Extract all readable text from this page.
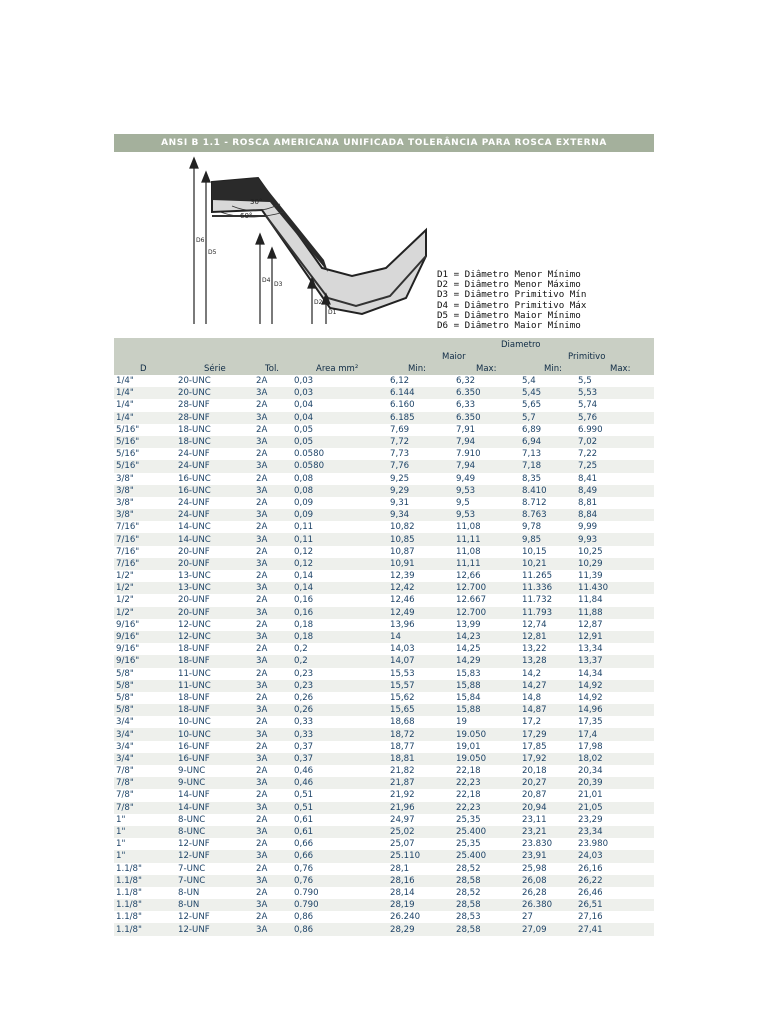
ANSI B 1.1 - ROSCA AMERICANA UNIFICADA TOLERÂNCIA PARA ROSCA EXTERNA
30°
60°
D6
D5
D4
D3
D2
D1
D1 = Diâmetro Menor Mínimo
D2 = Diâmetro Menor Máximo
D3 = Diâmetro Primitivo Mín
D4 = Diâmetro Primitivo Máx
D5 = Diâmetro Maior Mínimo
D6 = Diâmetro Maior Mínimo
Diametro
Maior	Primitivo
D	Série	Tol.	Area mm²	Min:	Max:	Min:	Max:
1/4"	20-UNC	2A	0,03	6,12	6,32	5,4	5,5
1/4"	20-UNC	3A	0,03	6.144	6.350	5,45	5,53
1/4"	28-UNF	2A	0,04	6.160	6,33	5,65	5,74
1/4"	28-UNF	3A	0,04	6.185	6.350	5,7	5,76
5/16"	18-UNC	2A	0,05	7,69	7,91	6,89	6.990
5/16"	18-UNC	3A	0,05	7,72	7,94	6,94	7,02
5/16"	24-UNF	2A	0.0580	7,73	7.910	7,13	7,22
5/16"	24-UNF	3A	0.0580	7,76	7,94	7,18	7,25
3/8"	16-UNC	2A	0,08	9,25	9,49	8,35	8,41
3/8"	16-UNC	3A	0,08	9,29	9,53	8.410	8,49
3/8"	24-UNF	2A	0,09	9,31	9,5	8.712	8,81
3/8"	24-UNF	3A	0,09	9,34	9,53	8.763	8,84
7/16"	14-UNC	2A	0,11	10,82	11,08	9,78	9,99
7/16"	14-UNC	3A	0,11	10,85	11,11	9,85	9,93
7/16"	20-UNF	2A	0,12	10,87	11,08	10,15	10,25
7/16"	20-UNF	3A	0,12	10,91	11,11	10,21	10,29
1/2"	13-UNC	2A	0,14	12,39	12,66	11.265	11,39
1/2"	13-UNC	3A	0,14	12,42	12.700	11.336	11.430
1/2"	20-UNF	2A	0,16	12,46	12.667	11.732	11,84
1/2"	20-UNF	3A	0,16	12,49	12.700	11.793	11,88
9/16"	12-UNC	2A	0,18	13,96	13,99	12,74	12,87
9/16"	12-UNC	3A	0,18	14	14,23	12,81	12,91
9/16"	18-UNF	2A	0,2	14,03	14,25	13,22	13,34
9/16"	18-UNF	3A	0,2	14,07	14,29	13,28	13,37
5/8"	11-UNC	2A	0,23	15,53	15,83	14,2	14,34
5/8"	11-UNC	3A	0,23	15,57	15,88	14,27	14,92
5/8"	18-UNF	2A	0,26	15,62	15,84	14,8	14,92
5/8"	18-UNF	3A	0,26	15,65	15,88	14,87	14,96
3/4"	10-UNC	2A	0,33	18,68	19	17,2	17,35
3/4"	10-UNC	3A	0,33	18,72	19.050	17,29	17,4
3/4"	16-UNF	2A	0,37	18,77	19,01	17,85	17,98
3/4"	16-UNF	3A	0,37	18,81	19.050	17,92	18,02
7/8"	9-UNC	2A	0,46	21,82	22,18	20,18	20,34
7/8"	9-UNC	3A	0,46	21,87	22,23	20,27	20,39
7/8"	14-UNF	2A	0,51	21,92	22,18	20,87	21,01
7/8"	14-UNF	3A	0,51	21,96	22,23	20,94	21,05
1"	8-UNC	2A	0,61	24,97	25,35	23,11	23,29
1"	8-UNC	3A	0,61	25,02	25.400	23,21	23,34
1"	12-UNF	2A	0,66	25,07	25,35	23.830	23.980
1"	12-UNF	3A	0,66	25.110	25.400	23,91	24,03
1.1/8"	7-UNC	2A	0,76	28,1	28,52	25,98	26,16
1.1/8"	7-UNC	3A	0,76	28,16	28,58	26,08	26,22
1.1/8"	8-UN	2A	0.790	28,14	28,52	26,28	26,46
1.1/8"	8-UN	3A	0.790	28,19	28,58	26.380	26,51
1.1/8"	12-UNF	2A	0,86	26.240	28,53	27	27,16
1.1/8"	12-UNF	3A	0,86	28,29	28,58	27,09	27,41
